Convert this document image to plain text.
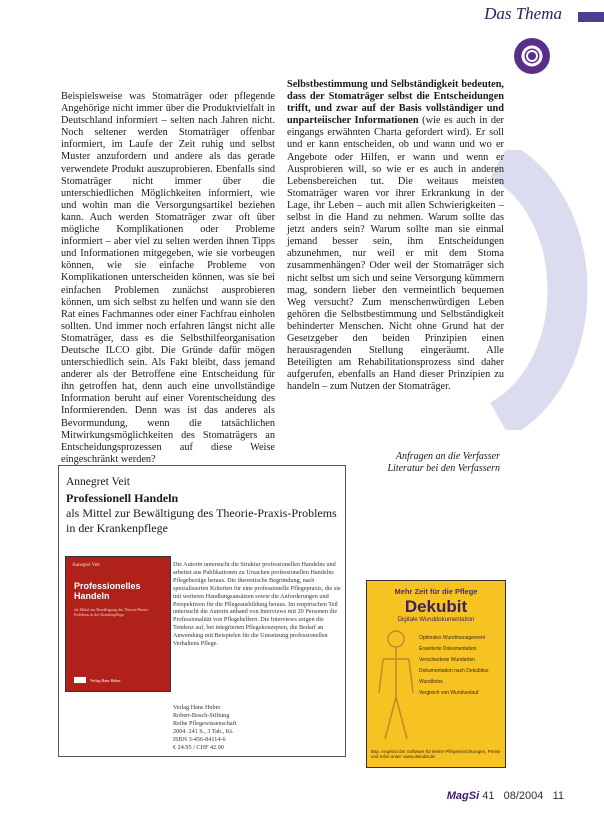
Das Thema

Beispielsweise was Stomaträger oder pflegende Angehörige nicht immer über die Produktvielfalt in Deutschland informiert – selten nach Jahren nicht. Noch seltener werden Stomaträger offenbar informiert, im Laufe der Zeit ruhig und selbst Muster anzufordern und andere als das gerade verwendete Produkt auszuprobieren. Ebenfalls sind Stomaträger nicht immer über die unterschiedlichen Möglichkeiten informiert, wie und wohin man die Versorgungsartikel beziehen kann. Auch werden Stomaträger zwar oft über mögliche Komplikationen oder Probleme informiert – aber viel zu selten werden ihnen Tipps und Informationen mitgegeben, wie sie vorbeugen können, wie sie einfache Probleme von Komplikationen unterscheiden können, was sie bei einfachen Problemen zunächst ausprobieren können, um sich selbst zu helfen und wann sie den Rat eines Fachmannes oder einer Fachfrau einholen sollten. Und immer noch erfahren längst nicht alle Stomaträger, dass es die Selbsthilfeorganisation Deutsche ILCO gibt. Die Gründe dafür mögen unterschiedlich sein. Als Fakt bleibt, dass jemand anderer als der Betroffene eine Entscheidung für ihn getroffen hat, denn auch eine unvollständige Information beruht auf einer Vorentscheidung des Informierenden. Denn was ist das anderes als Bevormundung, wenn die tatsächlichen Mitwirkungsmöglichkeiten des Stomaträgers an Entscheidungsprozessen auf diese Weise eingeschränkt werden?

Selbstbestimmung und Selbständigkeit bedeuten, dass der Stomaträger selbst die Entscheidungen trifft, und zwar auf der Basis vollständiger und unparteiischer Informationen (wie es auch in der eingangs erwähnten Charta gefordert wird). Er soll und er kann entscheiden, ob und wann und wo er Angebote oder Hilfen, er wann und wenn er Ausprobieren will, so wie er es auch in anderen Lebensbereichen tut. Die weitaus meisten Stomaträger waren vor ihrer Erkrankung in der Lage, ihr Leben – auch mit allen Schwierigkeiten – selbst in die Hand zu nehmen. Warum sollte das jetzt anders sein? Warum sollte man sie einmal jemand besser sein, ihm Entscheidungen abzunehmen, nur weil er mit dem Stoma zusammenhängen? Oder weil der Stomaträger sich nicht selbst um sich und seine Versorgung kümmern mag, sondern lieber den vermeintlich bequemen Weg versucht? Zum menschenwürdigen Leben gehören die Selbstbestimmung und Selbständigkeit behinderter Menschen. Nicht ohne Grund hat der Gesetzgeber den beiden Prinzipien einen herausragenden Stellung eingeräumt. Alle Beteiligten am Rehabilitationsprozess sind daher aufgerufen, ebenfalls an Hand dieser Prinzipien zu handeln – zum Nutzen der Stomaträger.

Anfragen an die Verfasser
Literatur bei den Verfassern
Annegret Veit
Professionell Handeln
als Mittel zur Bewältigung des Theorie-Praxis-Problems in der Krankenpflege
Annegret Veit
Professionelles Handeln
als Mittel zur Bewältigung des Theorie-Praxis-Problems in der Krankenpflege
Verlag Hans Huber
Die Autorin untersucht die Struktur professionellen Handelns und arbeitet aus Publikationen zu Ursachen professionellen Handelns Pflegebezüge heraus. Die theoretische Begründung, nach spezialisierten Kriterien für eine professionelle Pflegepraxis, die sie mit weiteren Handlungsansätzen sowie die Anforderungen und Perspektiven für die Pflegeausbildung heraus. Im empirischen Teil untersucht die Autorin anhand von Interviews mit 20 Personen die Professionalität von Pflegehelfern. Die Interviews zeigen die Tendenz auf, bei integrierten Pflegekonzepten, die Bedarf an Anwendung mit Beispielen für die Umsetzung professionellen Verhaltens Pflege.
Verlag Hans Huber
Robert-Bosch-Stiftung
Reihe Pflegewissenschaft
2004. 241 S., 3 Tab., Kt.
ISBN 3-456-84114-6
€ 24.95 / CHF 42.90
Mehr Zeit für die Pflege
Dekubit
Digitale Wunddokumentation
Optimales Wundmanagement
Erweiterte Dokumentation
Verschiedene Wundarten
Dokumentation nach Dekubitus
Wundfotos
Vergleich von Wundverlauf
Bsp. Angebot der Software für kleine Pflegeeinrichtungen, Preise und Infos unter: www.dekubit.de
MagSi 41 08/2004 11
